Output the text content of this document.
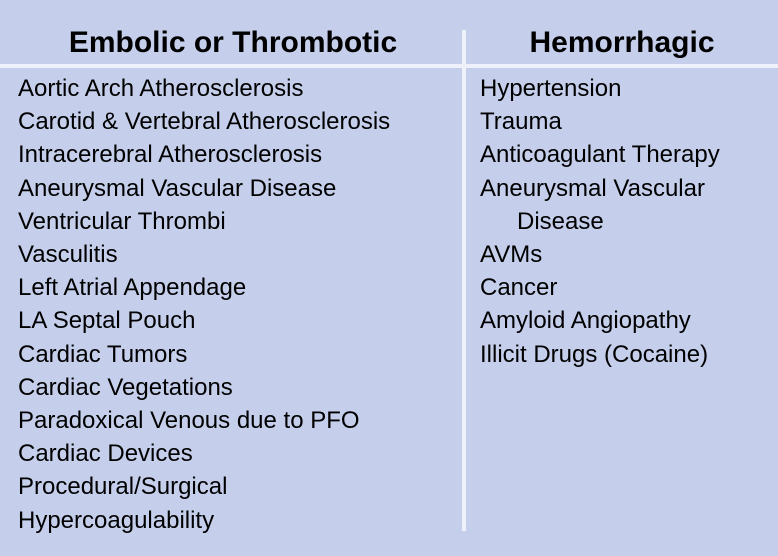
Embolic or Thrombotic	Hemorrhagic
Aortic Arch Atherosclerosis
Carotid & Vertebral Atherosclerosis
Intracerebral Atherosclerosis
Aneurysmal Vascular Disease
Ventricular Thrombi
Vasculitis
Left Atrial Appendage
LA Septal Pouch
Cardiac Tumors
Cardiac Vegetations
Paradoxical Venous due to PFO
Cardiac Devices
Procedural/Surgical
Hypercoagulability
Hypertension
Trauma
Anticoagulant Therapy
Aneurysmal Vascular
Disease
AVMs
Cancer
Amyloid Angiopathy
Illicit Drugs (Cocaine)
